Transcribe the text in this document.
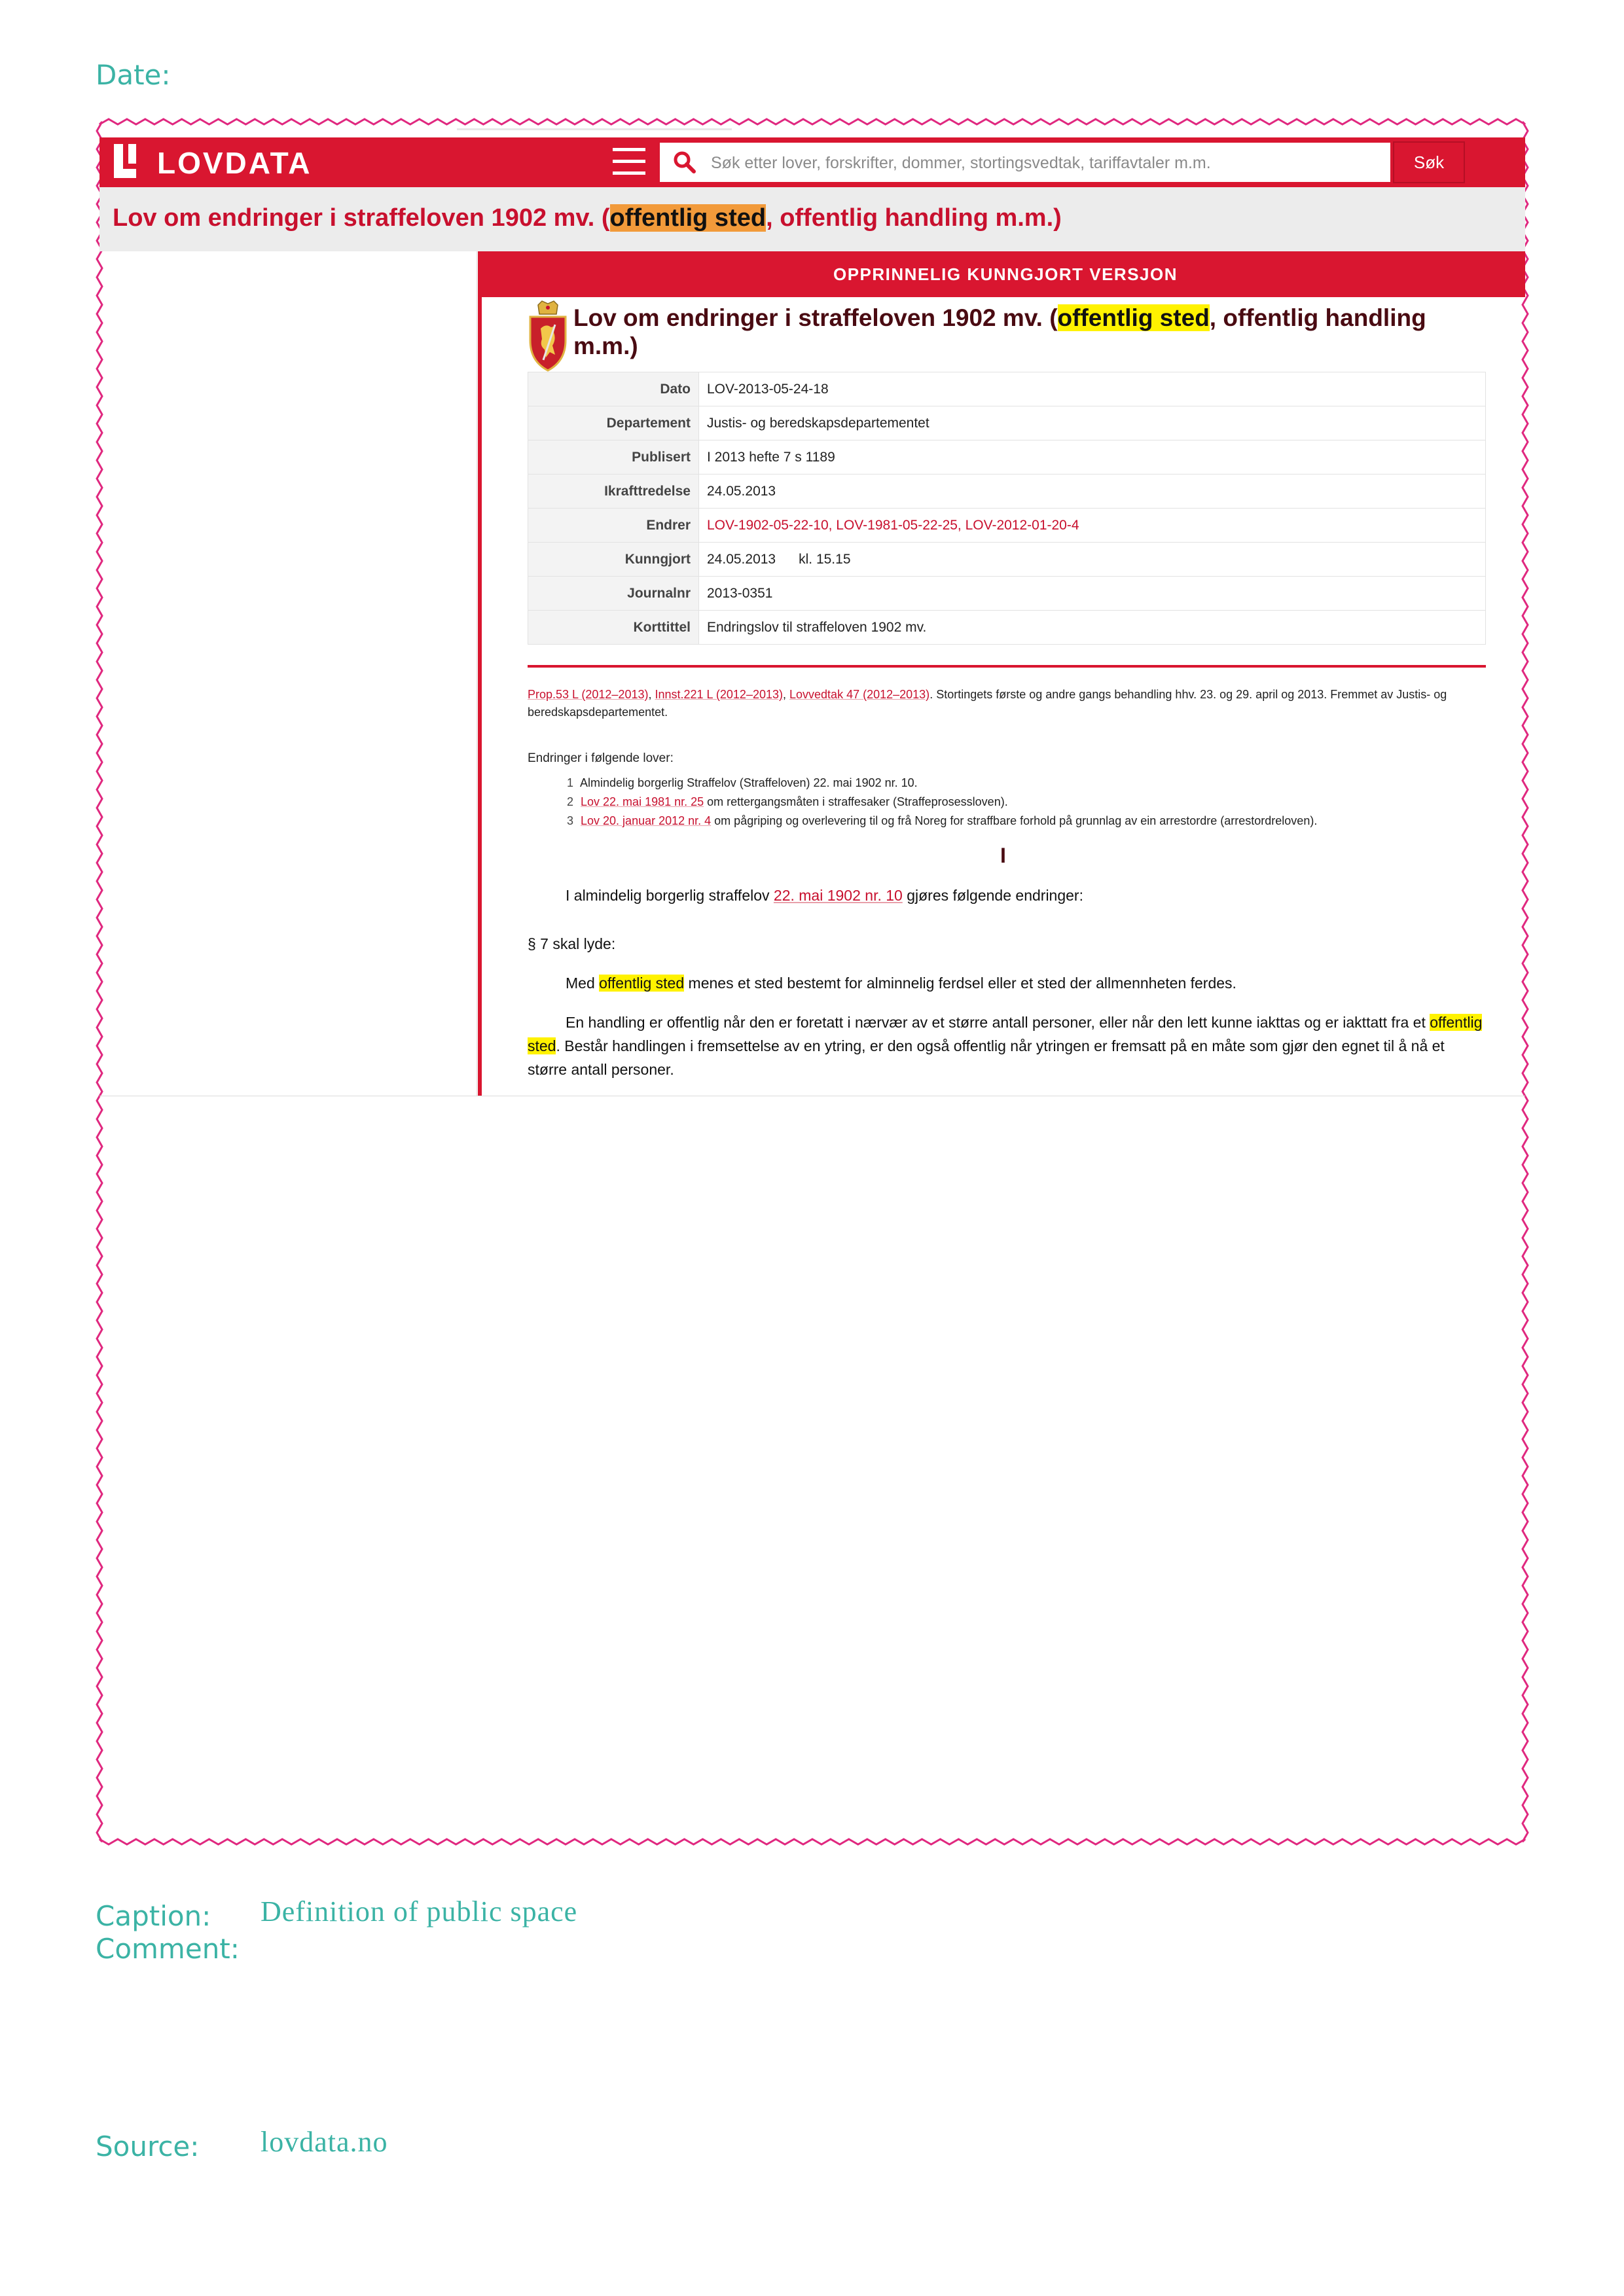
Date:
LOVDATA
Søk etter lover, forskrifter, dommer, stortingsvedtak, tariffavtaler m.m.	Søk
Lov om endringer i straffeloven 1902 mv. (offentlig sted, offentlig handling m.m.)
OPPRINNELIG KUNNGJORT VERSJON
Lov om endringer i straffeloven 1902 mv. (offentlig sted, offentlig handling m.m.)
Dato	LOV-2013-05-24-18
Departement	Justis- og beredskapsdepartementet
Publisert	I 2013 hefte 7 s 1189
Ikrafttredelse	24.05.2013
Endrer	LOV-1902-05-22-10, LOV-1981-05-22-25, LOV-2012-01-20-4
Kunngjort	24.05.2013      kl. 15.15
Journalnr	2013-0351
Korttittel	Endringslov til straffeloven 1902 mv.
Prop.53 L (2012–2013), Innst.221 L (2012–2013), Lovvedtak 47 (2012–2013). Stortingets første og andre gangs behandling hhv. 23. og 29. april og 2013. Fremmet av Justis- og beredskapsdepartementet.
Endringer i følgende lover:
1 Almindelig borgerlig Straffelov (Straffeloven) 22. mai 1902 nr. 10.
2 Lov 22. mai 1981 nr. 25 om rettergangsmåten i straffesaker (Straffeprosessloven).
3 Lov 20. januar 2012 nr. 4 om pågriping og overlevering til og frå Noreg for straffbare forhold på grunnlag av ein arrestordre (arrestordreloven).
I
I almindelig borgerlig straffelov 22. mai 1902 nr. 10 gjøres følgende endringer:
§ 7 skal lyde:
Med offentlig sted menes et sted bestemt for alminnelig ferdsel eller et sted der allmennheten ferdes.
En handling er offentlig når den er foretatt i nærvær av et større antall personer, eller når den lett kunne iakttas og er iakttatt fra et offentlig sted. Består handlingen i fremsettelse av en ytring, er den også offentlig når ytringen er fremsatt på en måte som gjør den egnet til å nå et større antall personer.
Caption: Definition of public space
Comment:
Source: lovdata.no
